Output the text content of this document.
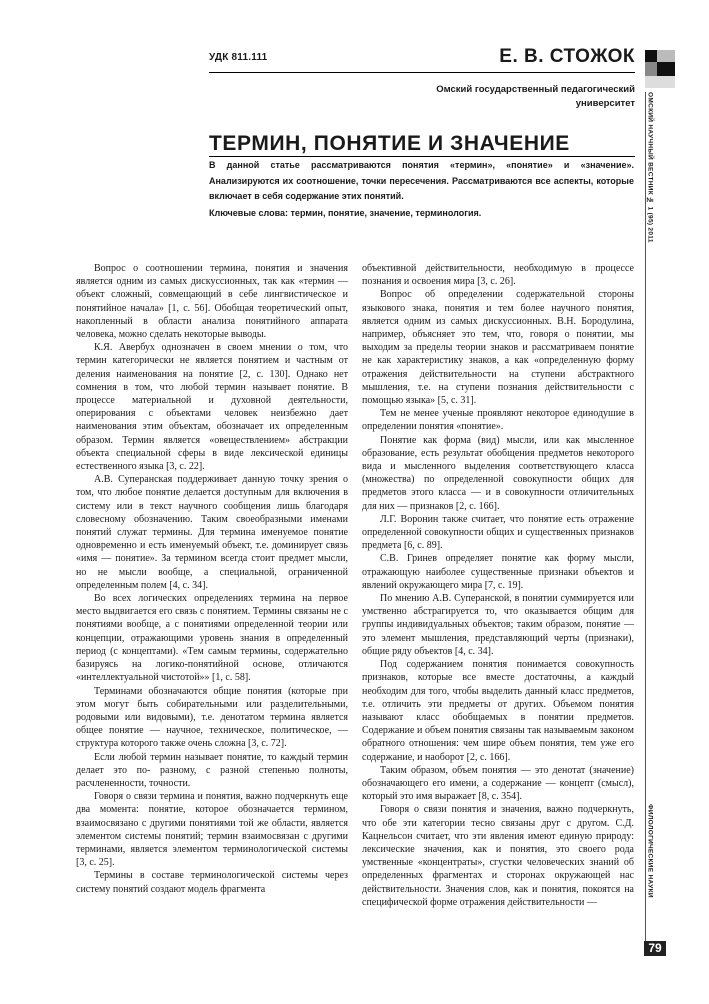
УДК 811.111	Е. В. СТОЖОК
Омский государственный педагогический университет	ОМСКИЙ НАУЧНЫЙ ВЕСТНИК № 1 (95) 2011
ФИЛОЛОГИЧЕСКИЕ НАУКИ
79
ТЕРМИН, ПОНЯТИЕ И ЗНАЧЕНИЕ
В данной статье рассматриваются понятия «термин», «понятие» и «значение». Анализируются их соотношение, точки пересечения. Рассматриваются все аспекты, которые включает в себя содержание этих понятий.
Ключевые слова: термин, понятие, значение, терминология.

Вопрос о соотношении термина, понятия и значения является одним из самых дискуссионных, так как «термин — объект сложный, совмещающий в себе лингвистическое и понятийное начала» [1, с. 56]. Обобщая теоретический опыт, накопленный в области анализа понятийного аппарата человека, можно сделать некоторые выводы.

К.Я. Авербух однозначен в своем мнении о том, что термин категорически не является понятием и частным от деления наименования на понятие [2, с. 130]. Однако нет сомнения в том, что любой термин называет понятие. В процессе материальной и духовной деятельности, оперирования с объектами человек неизбежно дает наименования этим объектам, обозначает их определенным образом. Термин является «овеществлением» абстракции объекта специальной сферы в виде лексической единицы естественного языка [3, с. 22].

А.В. Суперанская поддерживает данную точку зрения о том, что любое понятие делается доступным для включения в систему или в текст научного сообщения лишь благодаря словесному обозначению. Таким своеобразными именами понятий служат термины. Для термина именуемое понятие одновременно и есть именуемый объект, т.е. доминирует связь «имя — понятие». За термином всегда стоит предмет мысли, но не мысли вообще, а специальной, ограниченной определенным полем [4, с. 34].

Во всех логических определениях термина на первое место выдвигается его связь с понятием. Термины связаны не с понятиями вообще, а с понятиями определенной теории или концепции, отражающими уровень знания в определенный период (с концептами). «Тем самым термины, содержательно базируясь на логико-понятийной основе, отличаются «интеллектуальной чистотой»» [1, с. 58].

Терминами обозначаются общие понятия (которые при этом могут быть собирательными или разделительными, родовыми или видовыми), т.е. денотатом термина является общее понятие — научное, техническое, политическое, — структура которого также очень сложна [3, с. 72].

Если любой термин называет понятие, то каждый термин делает это по- разному, с разной степенью полноты, расчлененности, точности.

Говоря о связи термина и понятия, важно подчеркнуть еще два момента: понятие, которое обозначается термином, взаимосвязано с другими понятиями той же области, является элементом системы понятий; термин взаимосвязан с другими терминами, является элементом терминологической системы [3, с. 25].

Термины в составе терминологической системы через систему понятий создают модель фрагмента

объективной действительности, необходимую в процессе познания и освоения мира [3, с. 26].

Вопрос об определении содержательной стороны языкового знака, понятия и тем более научного понятия, является одним из самых дискуссионных. В.Н. Бородулина, например, объясняет это тем, что, говоря о понятии, мы выходим за пределы теории знаков и рассматриваем понятие не как характеристику знаков, а как «определенную форму отражения действительности на ступени абстрактного мышления, т.е. на ступени познания действительности с помощью языка» [5, с. 31].

Тем не менее ученые проявляют некоторое единодушие в определении понятия «понятие».

Понятие как форма (вид) мысли, или как мысленное образование, есть результат обобщения предметов некоторого вида и мысленного выделения соответствующего класса (множества) по определенной совокупности общих для предметов этого класса — и в совокупности отличительных для них — признаков [2, с. 166].

Л.Г. Воронин также считает, что понятие есть отражение определенной совокупности общих и существенных признаков предмета [6, с. 89].

С.В. Гринев определяет понятие как форму мысли, отражающую наиболее существенные признаки объектов и явлений окружающего мира [7, с. 19].

По мнению А.В. Суперанской, в понятии суммируется или умственно абстрагируется то, что оказывается общим для группы индивидуальных объектов; таким образом, понятие — это элемент мышления, представляющий черты (признаки), общие ряду объектов [4, с. 34].

Под содержанием понятия понимается совокупность признаков, которые все вместе достаточны, а каждый необходим для того, чтобы выделить данный класс предметов, т.е. отличить эти предметы от других. Объемом понятия называют класс обобщаемых в понятии предметов. Содержание и объем понятия связаны так называемым законом обратного отношения: чем шире объем понятия, тем уже его содержание, и наоборот [2, с. 166].

Таким образом, объем понятия — это денотат (значение) обозначающего его имени, а содержание — концепт (смысл), который это имя выражает [8, с. 354].

Говоря о связи понятия и значения, важно подчеркнуть, что обе эти категории тесно связаны друг с другом. С.Д. Кацнельсон считает, что эти явления имеют единую природу: лексические значения, как и понятия, это своего рода умственные «концентраты», сгустки человеческих знаний об определенных фрагментах и сторонах окружающей нас действительности. Значения слов, как и понятия, покоятся на специфической форме отражения действительности —
